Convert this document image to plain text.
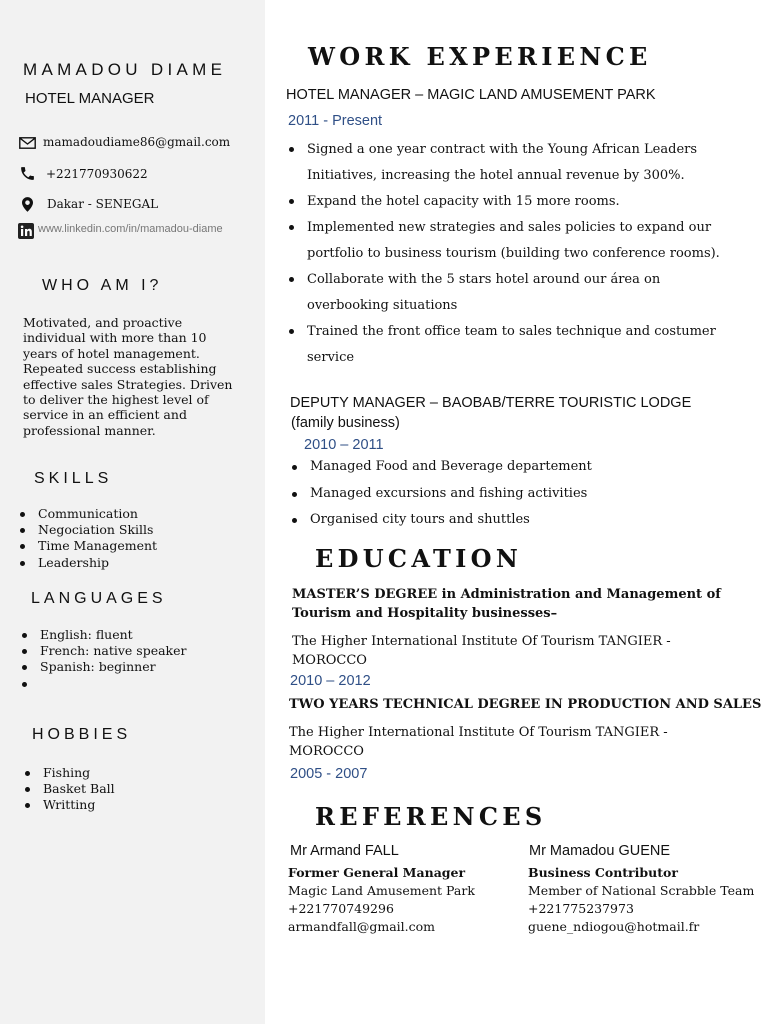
MAMADOU DIAME
HOTEL MANAGER
mamadoudiame86@gmail.com
+221770930622
Dakar - SENEGAL
www.linkedin.com/in/mamadou-diame
WHO AM I?
Motivated, and proactive individual with more than 10 years of hotel management. Repeated success establishing effective sales Strategies. Driven to deliver the highest level of service in an efficient and professional manner.
SKILLS
Communication
Negociation Skills
Time Management
Leadership
LANGUAGES
English: fluent
French: native speaker
Spanish: beginner
HOBBIES
Fishing
Basket Ball
Writting
WORK EXPERIENCE
HOTEL MANAGER – MAGIC LAND AMUSEMENT PARK
2011 - Present
Signed a one year contract with the Young African Leaders Initiatives, increasing the hotel annual revenue by 300%.
Expand the hotel capacity with 15 more rooms.
Implemented new strategies and sales policies to expand our portfolio to business tourism (building two conference rooms).
Collaborate with the 5 stars hotel around our área on overbooking situations
Trained the front office team to sales technique and costumer service
DEPUTY MANAGER – BAOBAB/TERRE TOURISTIC LODGE
(family business)
2010 – 2011
Managed Food and Beverage departement
Managed excursions and fishing activities
Organised city tours and shuttles
EDUCATION
MASTER’S DEGREE in Administration and Management of
Tourism and Hospitality businesses–
The Higher International Institute Of Tourism TANGIER -
MOROCCO
2010 – 2012
TWO YEARS TECHNICAL DEGREE IN PRODUCTION AND SALES
The Higher International Institute Of Tourism TANGIER -
MOROCCO
2005 - 2007
REFERENCES
Mr Armand FALL
Former General Manager
Magic Land Amusement Park
+221770749296
armandfall@gmail.com
Mr Mamadou GUENE
Business Contributor
Member of National Scrabble Team
+221775237973
guene_ndiogou@hotmail.fr
